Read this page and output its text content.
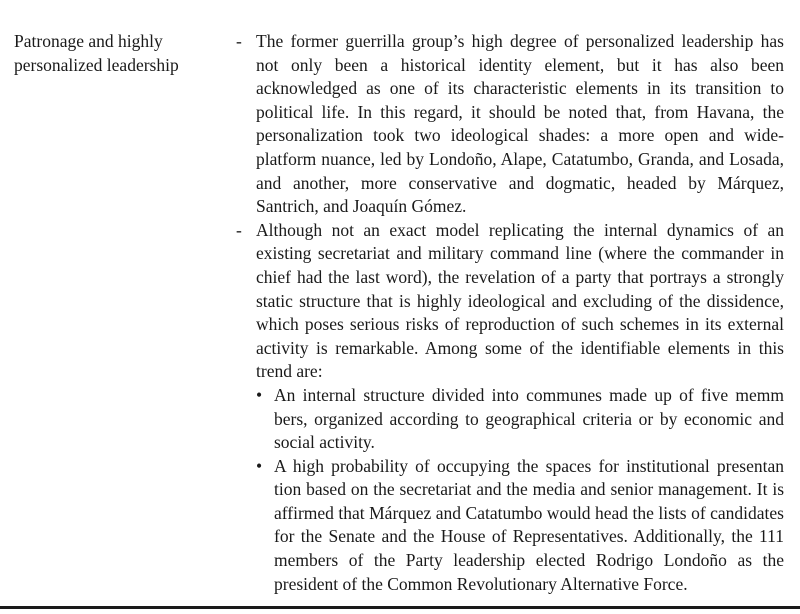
Patronage and highly personalized leadership
- The former guerrilla group’s high degree of personalized leadership has not only been a historical identity element, but it has also been acknowledged as one of its characteristic elements in its transition to political life. In this regard, it should be noted that, from Havana, the personalization took two ideological shades: a more open and wide-platform nuance, led by Londoño, Alape, Catatumbo, Granda, and Losada, and another, more conservative and dogmatic, headed by Márquez, Santrich, and Joaquín Gómez.
- Although not an exact model replicating the internal dynamics of an existing secretariat and military command line (where the commander in chief had the last word), the revelation of a party that portrays a strongly static structure that is highly ideological and excluding of the dissidence, which poses serious risks of reproduction of such schemes in its external activity is remarkable. Among some of the identifiable elements in this trend are:
• An internal structure divided into communes made up of five memm bers, organized according to geographical criteria or by economic and social activity.
• A high probability of occupying the spaces for institutional presentan tion based on the secretariat and the media and senior management. It is affirmed that Márquez and Catatumbo would head the lists of candidates for the Senate and the House of Representatives. Additionally, the 111 members of the Party leadership elected Rodrigo Londoño as the president of the Common Revolutionary Alternative Force.
